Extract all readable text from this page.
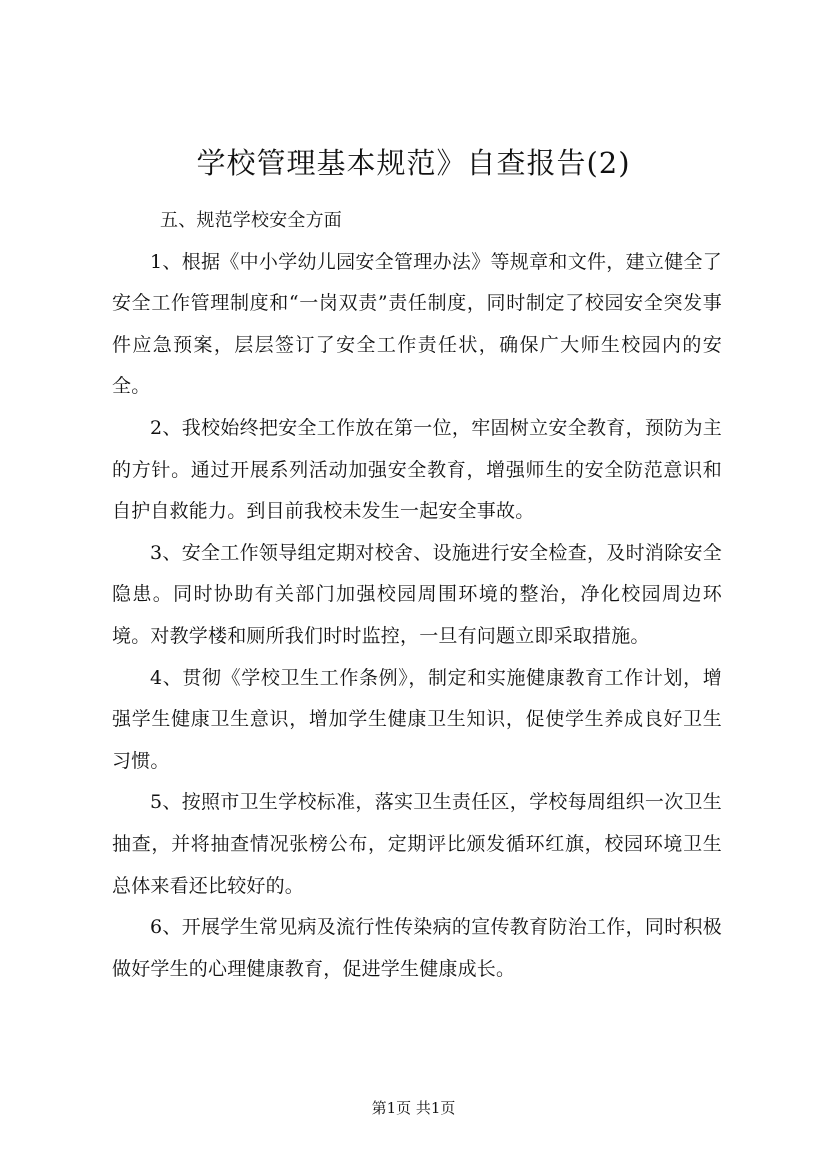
学校管理基本规范》自查报告(2)

五、规范学校安全方面

1、根据《中小学幼儿园安全管理办法》等规章和文件，建立健全了安全工作管理制度和“一岗双责”责任制度，同时制定了校园安全突发事件应急预案，层层签订了安全工作责任状，确保广大师生校园内的安全。

2、我校始终把安全工作放在第一位，牢固树立安全教育，预防为主的方针。通过开展系列活动加强安全教育，增强师生的安全防范意识和自护自救能力。到目前我校未发生一起安全事故。

3、安全工作领导组定期对校舍、设施进行安全检查，及时消除安全隐患。同时协助有关部门加强校园周围环境的整治，净化校园周边环境。对教学楼和厕所我们时时监控，一旦有问题立即采取措施。

4、贯彻《学校卫生工作条例》，制定和实施健康教育工作计划，增强学生健康卫生意识，增加学生健康卫生知识，促使学生养成良好卫生习惯。

5、按照市卫生学校标准，落实卫生责任区，学校每周组织一次卫生抽查，并将抽查情况张榜公布，定期评比颁发循环红旗，校园环境卫生总体来看还比较好的。

6、开展学生常见病及流行性传染病的宣传教育防治工作，同时积极做好学生的心理健康教育，促进学生健康成长。

第1页 共1页
